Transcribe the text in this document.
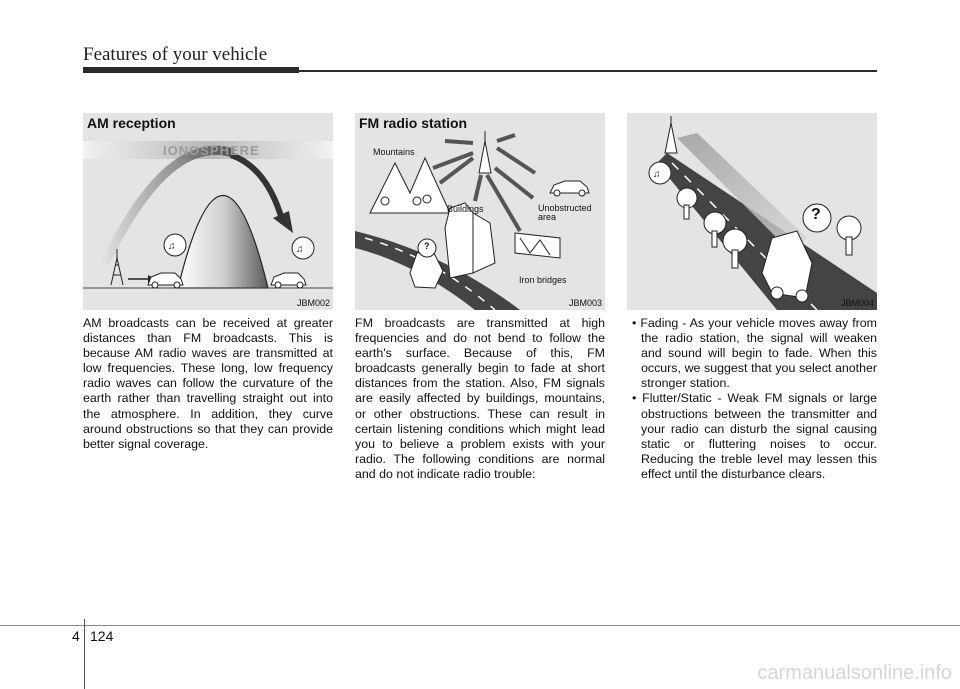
Features of your vehicle
♫	♫
AM reception
IONOSPHERE
JBM002
FM radio station
Mountains
Buildings	Unobstructed
area
Iron bridges
?
JBM003
♫
?
JBM004
AM broadcasts can be received at greater distances than FM broadcasts. This is because AM radio waves are transmitted at low frequencies. These long, low frequency radio waves can follow the curvature of the earth rather than travelling straight out into the atmosphere. In addition, they curve around obstructions so that they can provide better signal coverage.
FM broadcasts are transmitted at high frequencies and do not bend to follow the earth's surface. Because of this, FM broadcasts generally begin to fade at short distances from the station. Also, FM signals are easily affected by buildings, mountains, or other obstructions. These can result in certain listening conditions which might lead you to believe a problem exists with your radio. The following conditions are normal and do not indicate radio trouble:

• Fading - As your vehicle moves away from the radio station, the signal will weaken and sound will begin to fade. When this occurs, we suggest that you select another stronger station.

• Flutter/Static - Weak FM signals or large obstructions between the transmitter and your radio can disturb the signal causing static or fluttering noises to occur. Reducing the treble level may lessen this effect until the disturbance clears.

4 124
carmanualsonline.info
